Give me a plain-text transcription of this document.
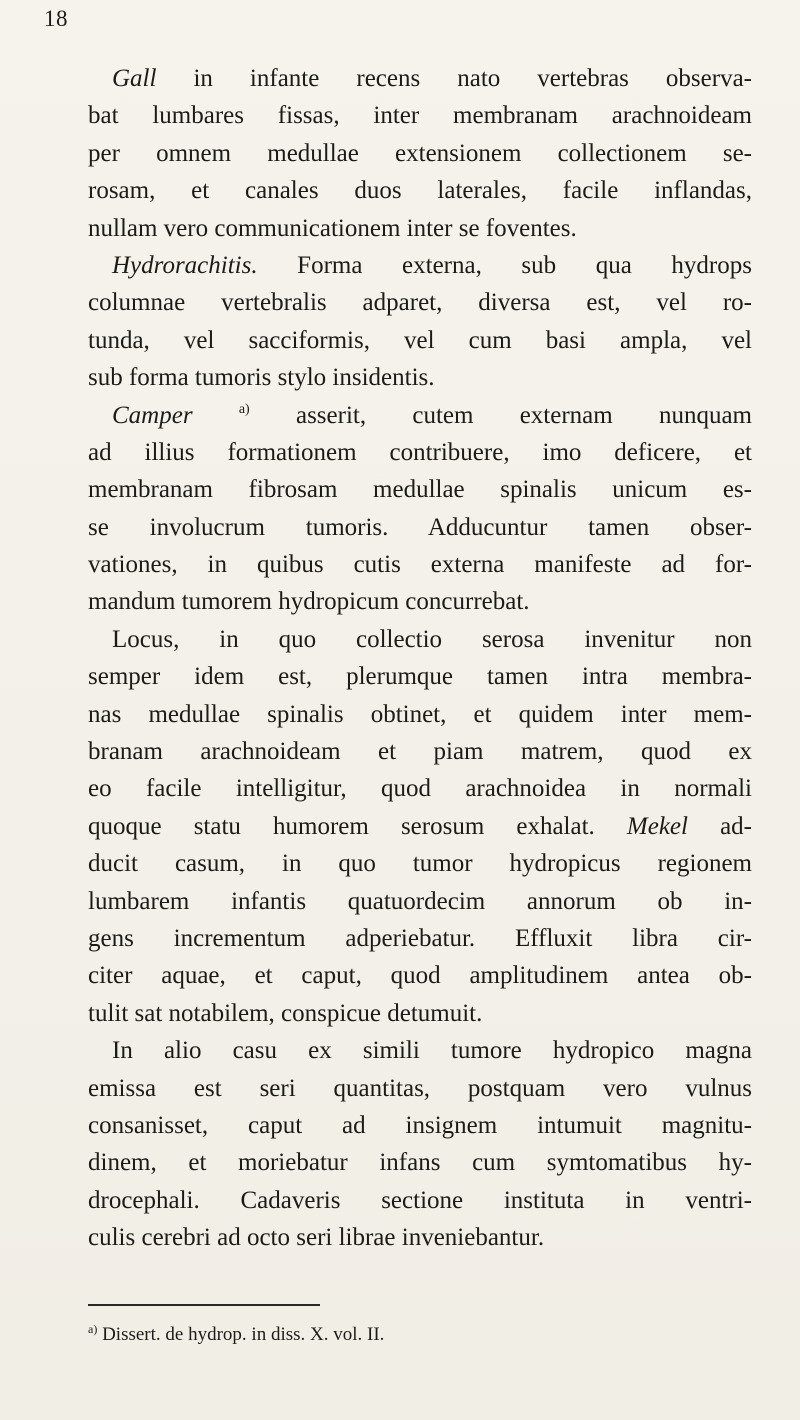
18
Gall in infante recens nato vertebras observa-
bat lumbares fissas, inter membranam arachnoideam
per omnem medullae extensionem collectionem se-
rosam, et canales duos laterales, facile inflandas,
nullam vero communicationem inter se foventes.
Hydrorachitis. Forma externa, sub qua hydrops
columnae vertebralis adparet, diversa est, vel ro-
tunda, vel sacciformis, vel cum basi ampla, vel
sub forma tumoris stylo insidentis.
Camper	$^{a)}$ asserit, cutem externam nunquam
ad illius formationem contribuere, imo deficere, et
membranam fibrosam medullae spinalis unicum es-
se involucrum tumoris. Adducuntur tamen obser-
vationes, in quibus cutis externa manifeste ad for-
mandum tumorem hydropicum concurrebat.
Locus, in quo collectio serosa invenitur non
semper idem est, plerumque tamen intra membra-
nas medullae spinalis obtinet, et quidem inter mem-
branam arachnoideam et piam matrem, quod ex
eo facile intelligitur, quod arachnoidea in normali
quoque statu humorem serosum exhalat. Mekel ad-
ducit casum, in quo tumor hydropicus regionem
lumbarem infantis quatuordecim annorum ob in-
gens incrementum adperiebatur. Effluxit libra cir-
citer aquae, et caput, quod amplitudinem antea ob-
tulit sat notabilem, conspicue detumuit.
In alio casu ex simili tumore hydropico magna
emissa est seri quantitas, postquam vero vulnus
consanisset, caput ad insignem intumuit magnitu-
dinem, et moriebatur infans cum symtomatibus hy-
drocephali. Cadaveris sectione instituta in ventri-
culis cerebri ad octo seri librae inveniebantur.
$^{a)}$ Dissert. de hydrop. in diss. X. vol. II.
